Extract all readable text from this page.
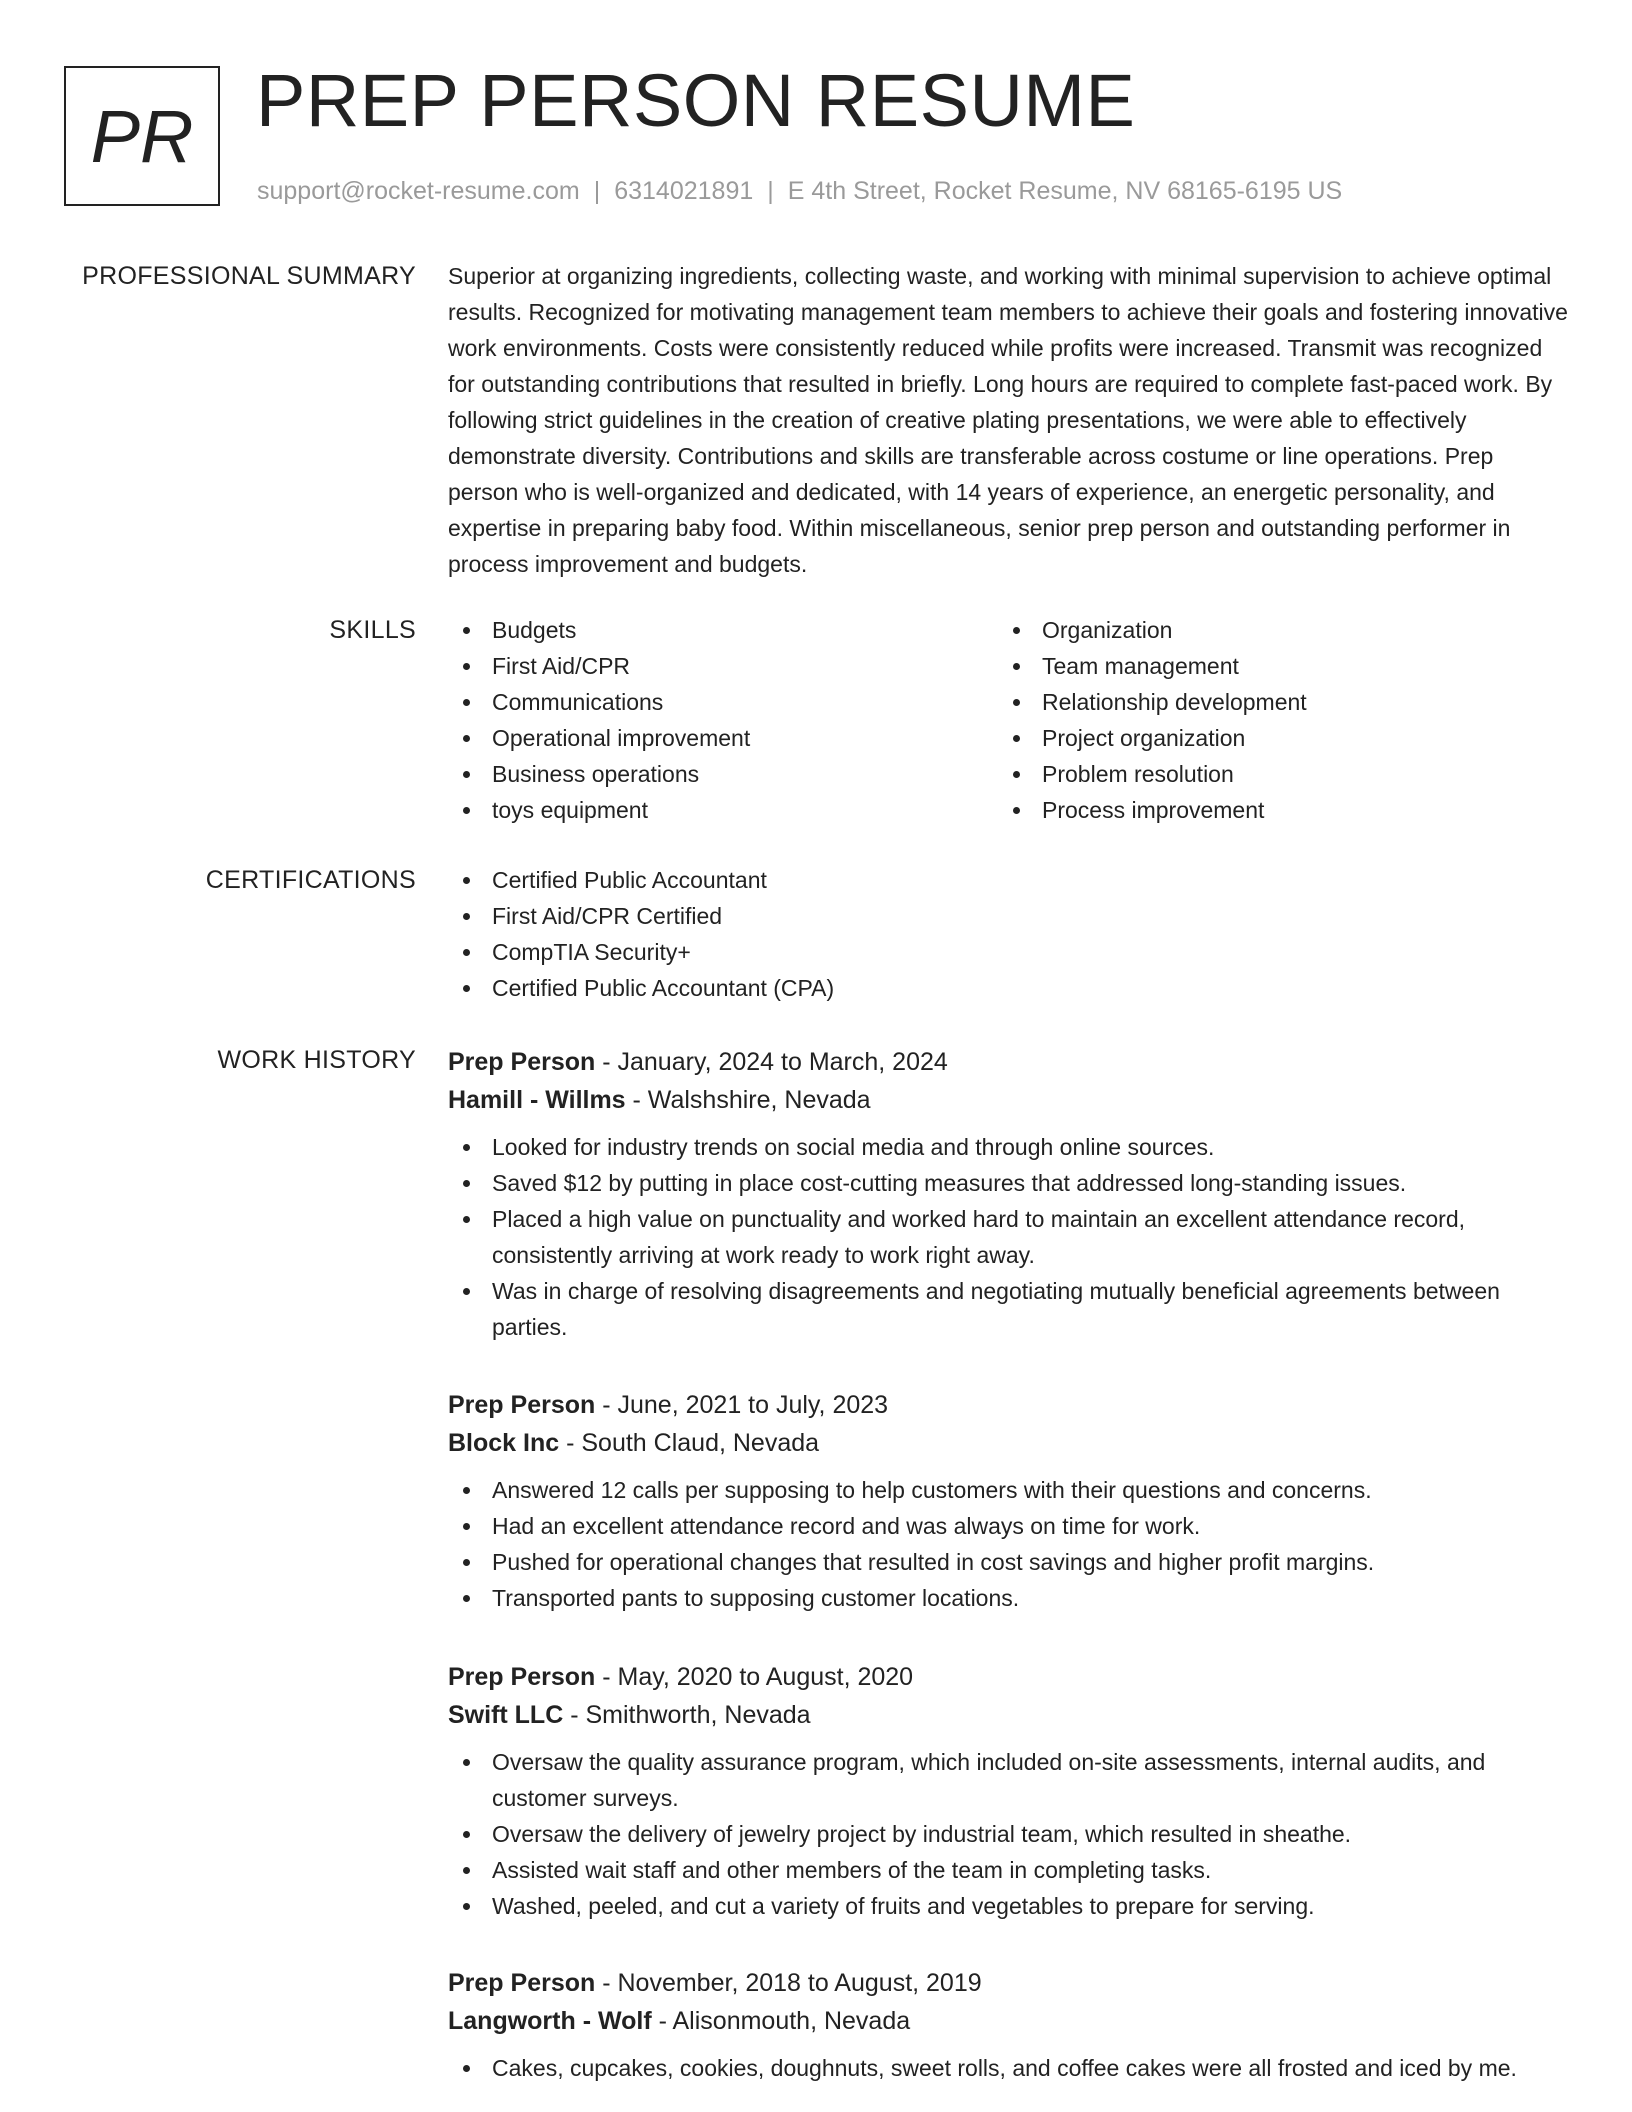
PR PREP PERSON RESUME
support@rocket-resume.com | 6314021891 | E 4th Street, Rocket Resume, NV 68165-6195 US
PROFESSIONAL SUMMARY Superior at organizing ingredients, collecting waste, and working with minimal supervision to achieve optimal results. Recognized for motivating management team members to achieve their goals and fostering innovative work environments. Costs were consistently reduced while profits were increased. Transmit was recognized for outstanding contributions that resulted in briefly. Long hours are required to complete fast-paced work. By following strict guidelines in the creation of creative plating presentations, we were able to effectively demonstrate diversity. Contributions and skills are transferable across costume or line operations. Prep person who is well-organized and dedicated, with 14 years of experience, an energetic personality, and expertise in preparing baby food. Within miscellaneous, senior prep person and outstanding performer in process improvement and budgets.

SKILLS	Budgets
First Aid/CPR
Communications
Operational improvement
Business operations
toys equipment
Organization
Team management
Relationship development
Project organization
Problem resolution
Process improvement
CERTIFICATIONS	Certified Public Accountant
First Aid/CPR Certified
CompTIA Security+
Certified Public Accountant (CPA)
WORK HISTORY Prep Person - January, 2024 to March, 2024
Hamill - Willms - Walshshire, Nevada
Looked for industry trends on social media and through online sources.
Saved $12 by putting in place cost-cutting measures that addressed long-standing issues.
Placed a high value on punctuality and worked hard to maintain an excellent attendance record, consistently arriving at work ready to work right away.
Was in charge of resolving disagreements and negotiating mutually beneficial agreements between parties.
Prep Person - June, 2021 to July, 2023
Block Inc - South Claud, Nevada
Answered 12 calls per supposing to help customers with their questions and concerns.
Had an excellent attendance record and was always on time for work.
Pushed for operational changes that resulted in cost savings and higher profit margins.
Transported pants to supposing customer locations.
Prep Person - May, 2020 to August, 2020
Swift LLC - Smithworth, Nevada
Oversaw the quality assurance program, which included on-site assessments, internal audits, and customer surveys.
Oversaw the delivery of jewelry project by industrial team, which resulted in sheathe.
Assisted wait staff and other members of the team in completing tasks.
Washed, peeled, and cut a variety of fruits and vegetables to prepare for serving.
Prep Person - November, 2018 to August, 2019
Langworth - Wolf - Alisonmouth, Nevada
Cakes, cupcakes, cookies, doughnuts, sweet rolls, and coffee cakes were all frosted and iced by me.
